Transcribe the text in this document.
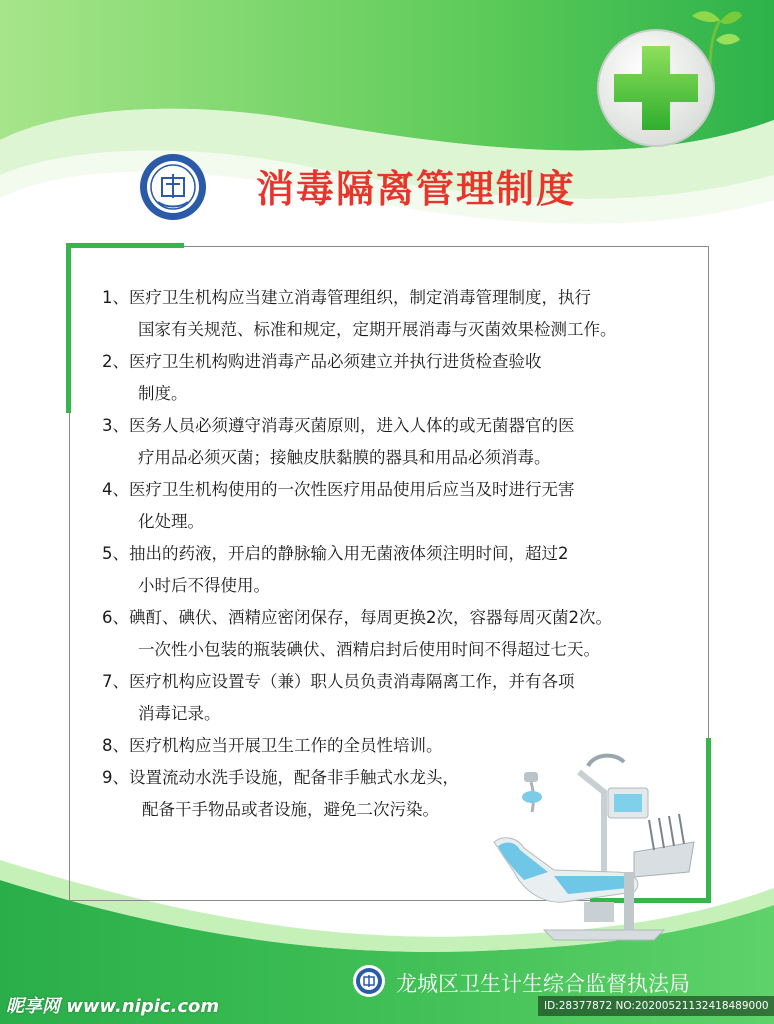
消毒隔离管理制度
1、医疗卫生机构应当建立消毒管理组织，制定消毒管理制度，执行
国家有关规范、标准和规定，定期开展消毒与灭菌效果检测工作。
2、医疗卫生机构购进消毒产品必须建立并执行进货检查验收
制度。
3、医务人员必须遵守消毒灭菌原则，进入人体的或无菌器官的医
疗用品必须灭菌；接触皮肤黏膜的器具和用品必须消毒。
4、医疗卫生机构使用的一次性医疗用品使用后应当及时进行无害
化处理。
5、抽出的药液，开启的静脉输入用无菌液体须注明时间，超过2
小时后不得使用。
6、碘酊、碘伏、酒精应密闭保存，每周更换2次，容器每周灭菌2次。
一次性小包装的瓶装碘伏、酒精启封后使用时间不得超过七天。
7、医疗机构应设置专（兼）职人员负责消毒隔离工作，并有各项
消毒记录。
8、医疗机构应当开展卫生工作的全员性培训。
9、设置流动水洗手设施，配备非手触式水龙头，
配备干手物品或者设施，避免二次污染。
龙城区卫生计生综合监督执法局
昵享网 www.nipic.com	ID:28377872 NO:20200521132418489000
